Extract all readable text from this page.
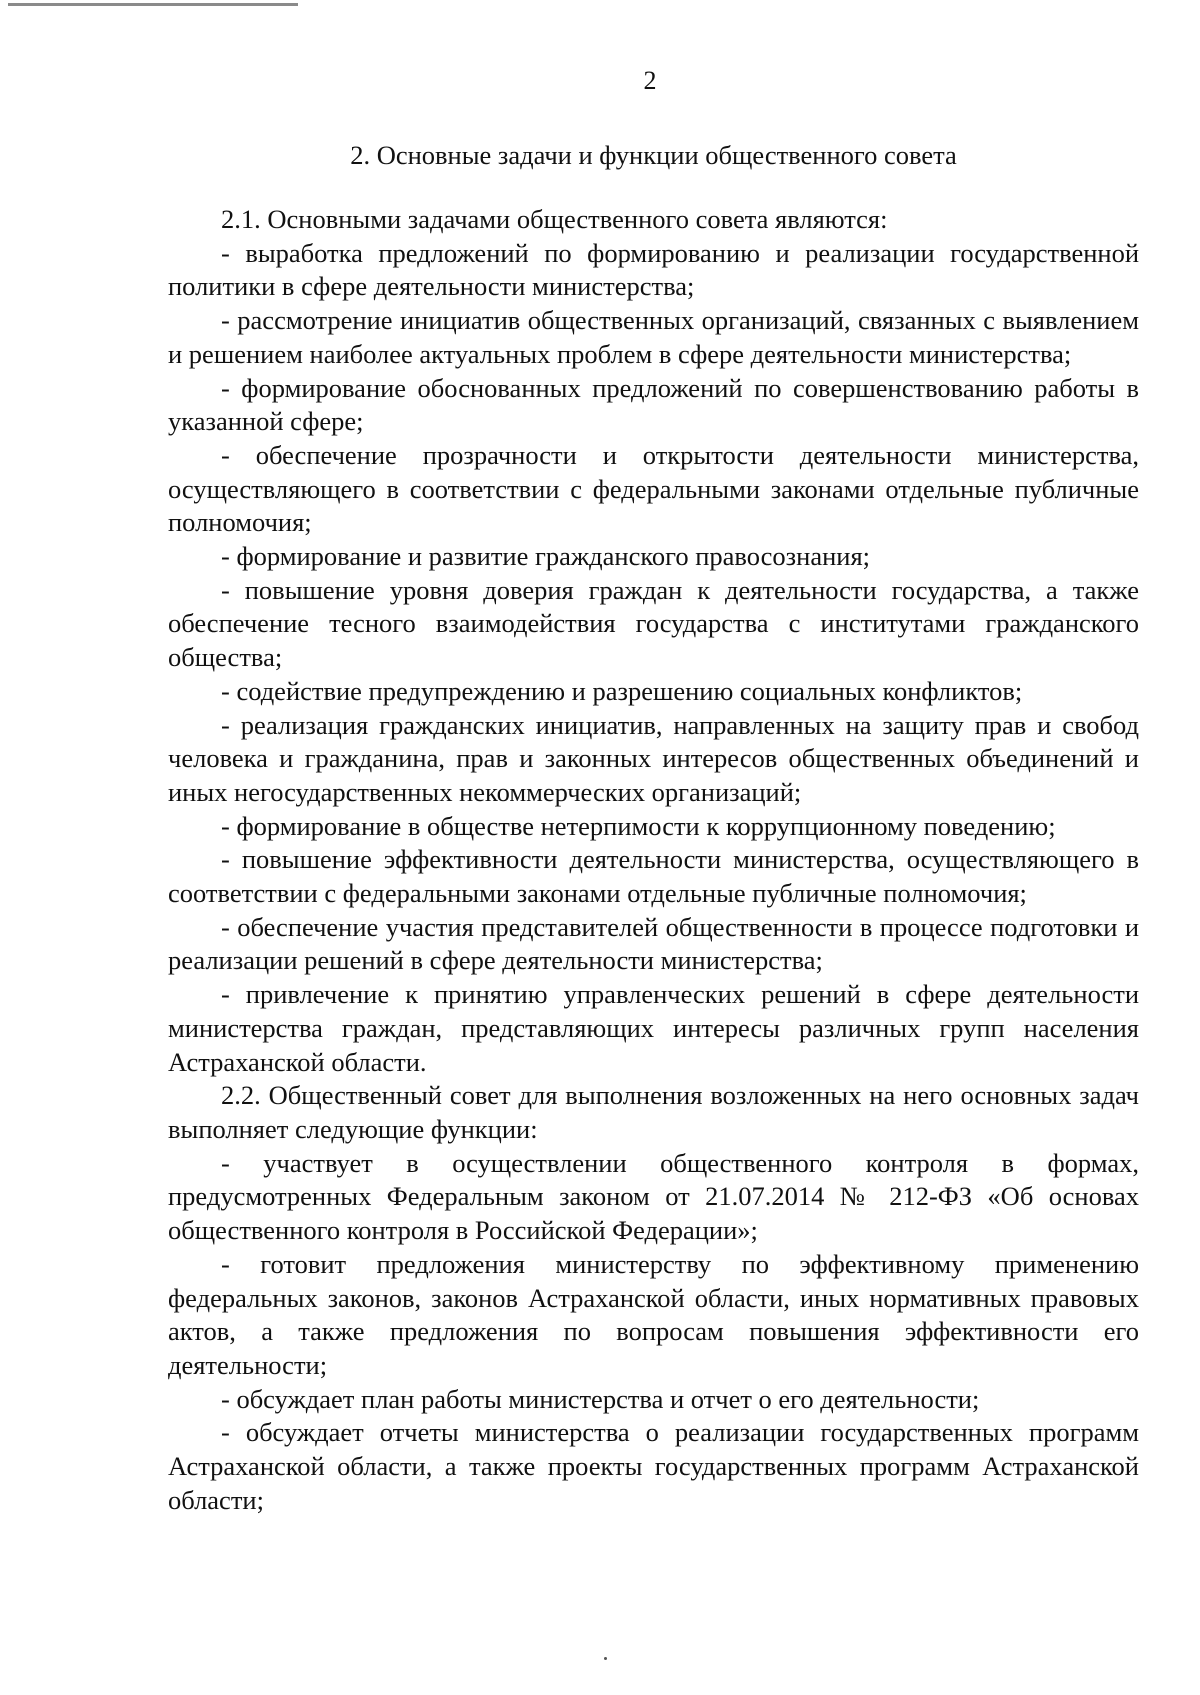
2
2. Основные задачи и функции общественного совета

2.1. Основными задачами общественного совета являются:

- выработка предложений по формированию и реализации государственной политики в сфере деятельности министерства;

- рассмотрение инициатив общественных организаций, связанных с выявлением и решением наиболее актуальных проблем в сфере деятельности министерства;

- формирование обоснованных предложений по совершенствованию работы в указанной сфере;

- обеспечение прозрачности и открытости деятельности министерства, осуществляющего в соответствии с федеральными законами отдельные публичные полномочия;

- формирование и развитие гражданского правосознания;

- повышение уровня доверия граждан к деятельности государства, а также обеспечение тесного взаимодействия государства с институтами гражданского общества;

- содействие предупреждению и разрешению социальных конфликтов;

- реализация гражданских инициатив, направленных на защиту прав и свобод человека и гражданина, прав и законных интересов общественных объединений и иных негосударственных некоммерческих организаций;

- формирование в обществе нетерпимости к коррупционному поведению;

- повышение эффективности деятельности министерства, осуществляющего в соответствии с федеральными законами отдельные публичные полномочия;

- обеспечение участия представителей общественности в процессе подготовки и реализации решений в сфере деятельности министерства;

- привлечение к принятию управленческих решений в сфере деятельности министерства граждан, представляющих интересы различных групп населения Астраханской области.

2.2. Общественный совет для выполнения возложенных на него основных задач выполняет следующие функции:

- участвует в осуществлении общественного контроля в формах, предусмотренных Федеральным законом от 21.07.2014 № 212-ФЗ «Об основах общественного контроля в Российской Федерации»;

- готовит предложения министерству по эффективному применению федеральных законов, законов Астраханской области, иных нормативных правовых актов, а также предложения по вопросам повышения эффективности его деятельности;

- обсуждает план работы министерства и отчет о его деятельности;

- обсуждает отчеты министерства о реализации государственных программ Астраханской области, а также проекты государственных программ Астраханской области;
